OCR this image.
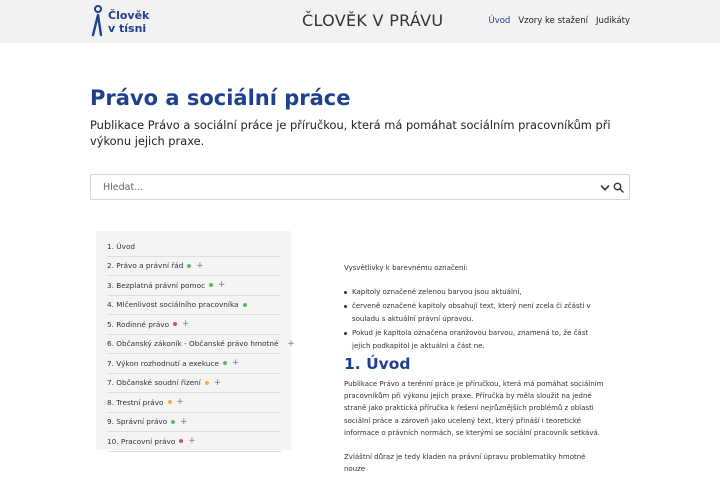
Člověk
v tísni	ČLOVĚK V PRÁVU	Úvod Vzory ke stažení Judikáty
Právo a sociální práce

Publikace Právo a sociální práce je příručkou, která má pomáhat sociálním pracovníkům při výkonu jejich praxe.

Hledat...
1. Úvod
2. Právo a právní řád +
3. Bezplatná právní pomoc +
4. Mlčenlivost sociálního pracovníka
5. Rodinné právo +
6. Občanský zákoník - Občanské právo hmotné +
7. Výkon rozhodnutí a exekuce +
7. Občanské soudní řízení +
8. Trestní právo +
9. Správní právo +
10. Pracovní právo +
Vysvětlivky k barevnému označení:
Kapitoly označené zelenou barvou jsou aktuální,
červeně označené kapitoly obsahují text, který není zcela či zčásti v souladu s aktuální právní úpravou.
Pokud je kapitola označena oranžovou barvou, znamená to, že část jejich podkapitol je aktuální a část ne.
1. Úvod

Publikace Právo a terénní práce je příručkou, která má pomáhat sociálním pracovníkům při výkonu jejich praxe. Příručka by měla sloužit na jedné straně jako praktická příručka k řešení nejrůznějších problémů z oblasti sociální práce a zároveň jako ucelený text, který přináší i teoretické informace o právních normách, se kterými se sociální pracovník setkává.

Zvláštní důraz je tedy kladen na právní úpravu problematiky hmotné nouze
